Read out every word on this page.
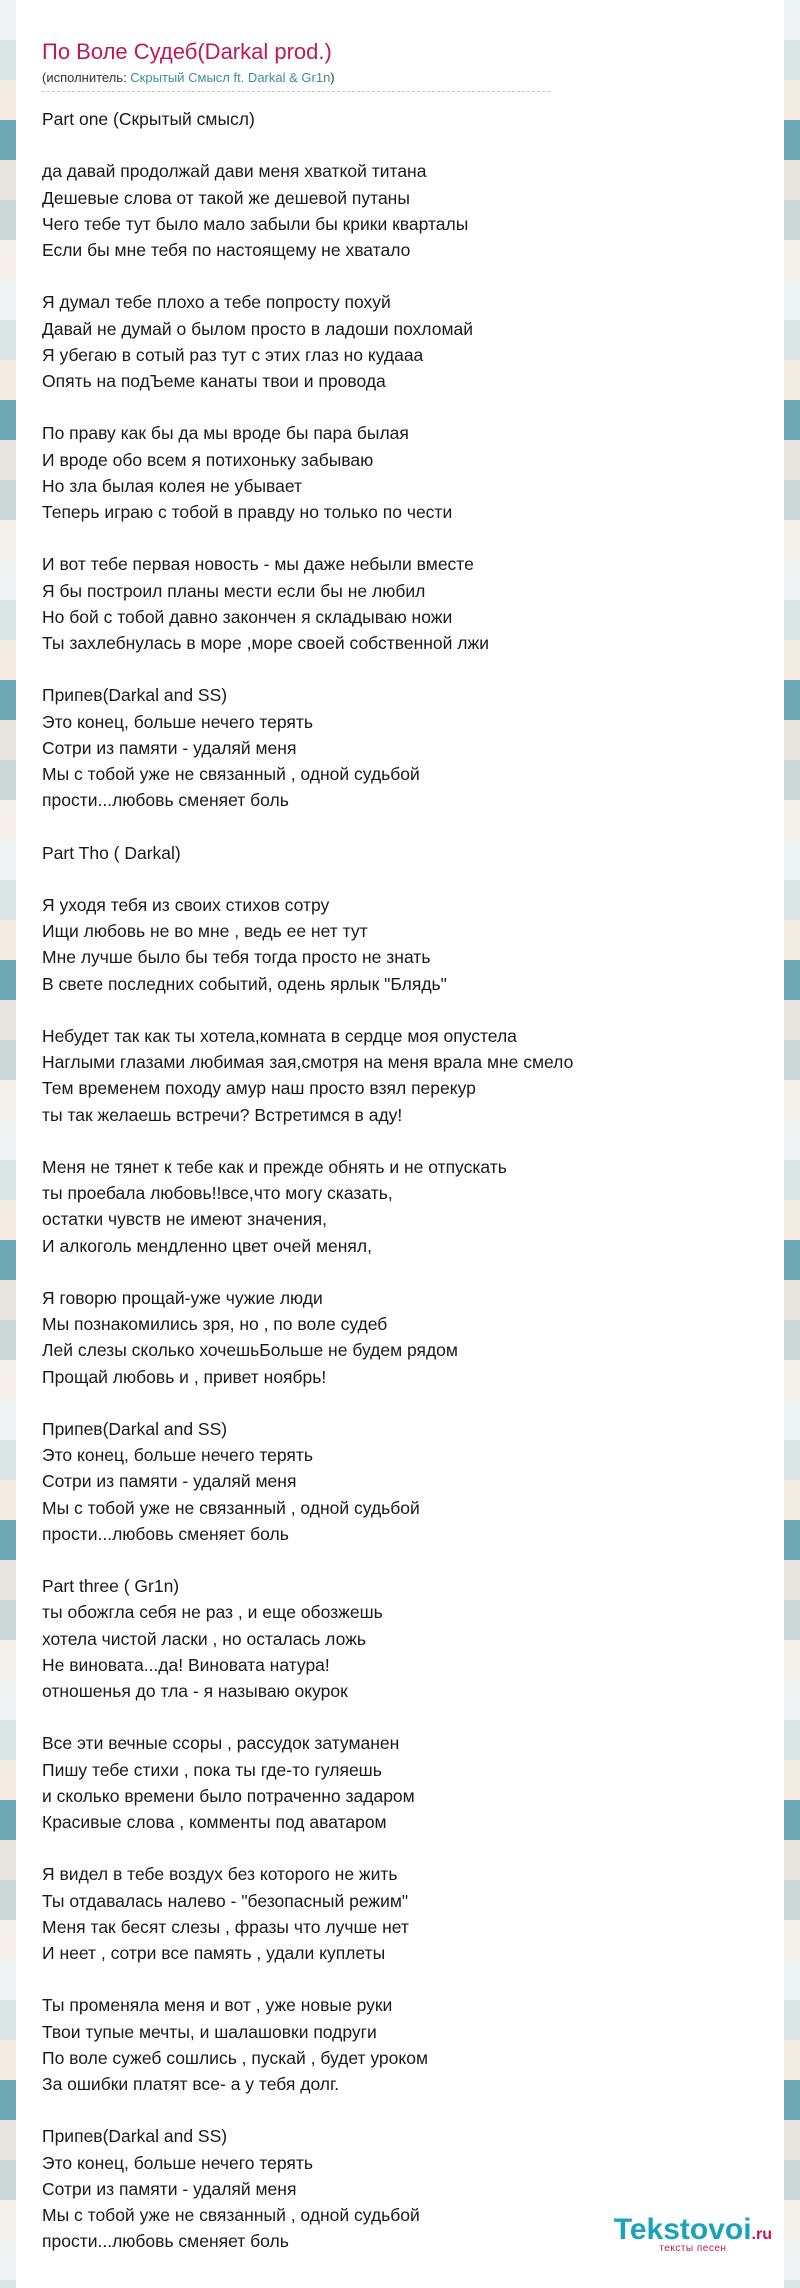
По Воле Судеб(Darkal prod.)
(исполнитель: Скрытый Смысл ft. Darkal & Gr1n)
Part one (Скрытый смысл)
да давай продолжай дави меня хваткой титана
Дешевые слова от такой же дешевой путаны
Чего тебе тут было мало забыли бы крики кварталы
Если бы мне тебя по настоящему не хватало
Я думал тебе плохо а тебе попросту похуй
Давай не думай о былом просто в ладоши похломай
Я убегаю в сотый раз тут с этих глаз но кудааа
Опять на подЪеме канаты твои и провода
По праву как бы да мы вроде бы пара былая
И вроде обо всем я потихоньку забываю
Но зла былая колея не убывает
Теперь играю с тобой в правду но только по чести
И вот тебе первая новость - мы даже небыли вместе
Я бы построил планы мести если бы не любил
Но бой с тобой давно закончен я складываю ножи
Ты захлебнулась в море ,море своей собственной лжи
Припев(Darkal and SS)
Это конец, больше нечего терять
Сотри из памяти - удаляй меня
Мы с тобой уже не связанный , одной судьбой
прости...любовь сменяет боль
Part Tho ( Darkal)
Я уходя тебя из своих стихов сотру
Ищи любовь не во мне , ведь ее нет тут
Мне лучше было бы тебя тогда просто не знать
В свете последних событий, одень ярлык "Блядь"
Небудет так как ты хотела,комната в сердце моя опустела
Наглыми глазами любимая зая,смотря на меня врала мне смело
Тем временем походу амур наш просто взял перекур
ты так желаешь встречи? Встретимся в аду!
Меня не тянет к тебе как и прежде обнять и не отпускать
ты проебала любовь!!все,что могу сказать,
остатки чувств не имеют значения,
И алкоголь мендленно цвет очей менял,
Я говорю прощай-уже чужие люди
Мы познакомились зря, но , по воле судеб
Лей слезы сколько хочешьБольше не будем рядом
Прощай любовь и , привет ноябрь!
Припев(Darkal and SS)
Это конец, больше нечего терять
Сотри из памяти - удаляй меня
Мы с тобой уже не связанный , одной судьбой
прости...любовь сменяет боль
Part three ( Gr1n)
ты обожгла себя не раз , и еще обозжешь
хотела чистой ласки , но осталась ложь
Не виновата...да! Виновата натура!
отношенья до тла - я называю окурок
Все эти вечные ссоры , рассудок затуманен
Пишу тебе стихи , пока ты где-то гуляешь
и сколько времени было потраченно задаром
Красивые слова , комменты под аватаром
Я видел в тебе воздух без которого не жить
Ты отдавалась налево - "безопасный режим"
Меня так бесят слезы , фразы что лучше нет
И неет , сотри все память , удали куплеты
Ты променяла меня и вот , уже новые руки
Твои тупые мечты, и шалашовки подруги
По воле сужеб сошлись , пускай , будет уроком
За ошибки платят все- а у тебя долг.
Припев(Darkal and SS)
Это конец, больше нечего терять
Сотри из памяти - удаляй меня
Мы с тобой уже не связанный , одной судьбой
прости...любовь сменяет боль	Tekstovoi.ru
тексты песен
